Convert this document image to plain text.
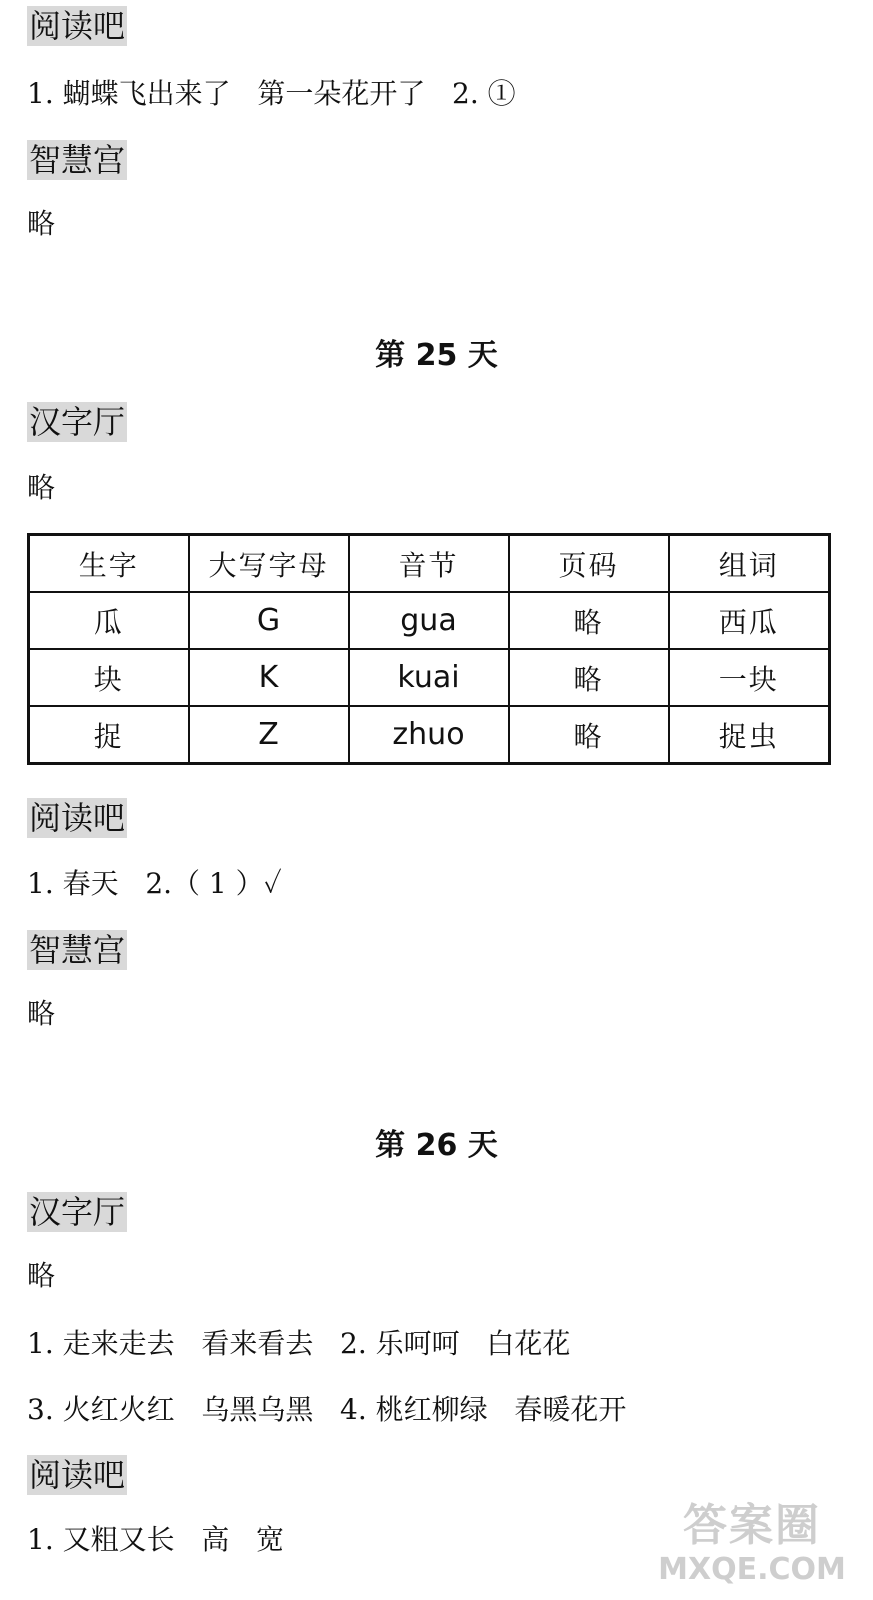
阅读吧
1. 蝴蝶飞出来了   第一朵花开了   2. ①
智慧宫
略
第 25 天
汉字厅
略
生字	大写字母	音节	页码	组词
瓜	G	gua	略	西瓜
块	K	kuai	略	一块
捉	Z	zhuo	略	捉虫
阅读吧
1. 春天   2.（ 1 ）✓
智慧宫
略
第 26 天
汉字厅
略
1. 走来走去   看来看去   2. 乐呵呵   白花花
3. 火红火红   乌黑乌黑   4. 桃红柳绿   春暖花开
阅读吧
1. 又粗又长   高   宽	答案圈
MXQE.COM
